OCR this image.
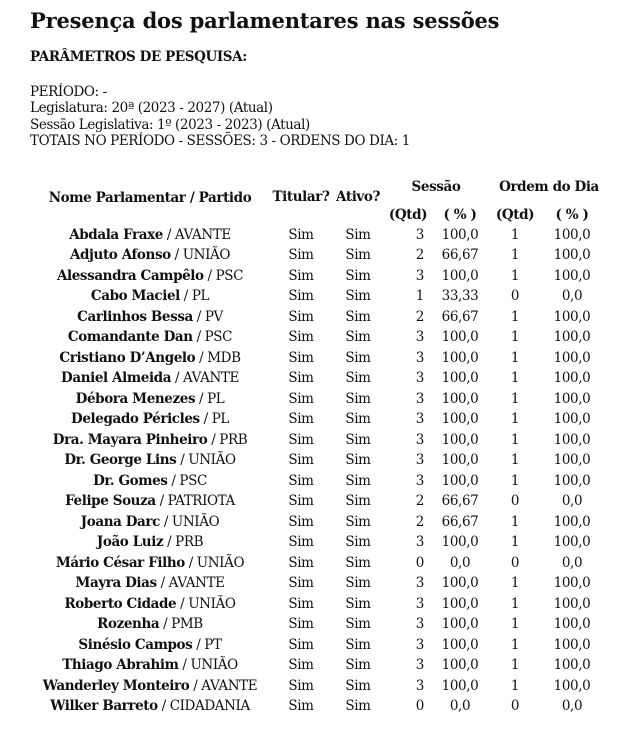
Presença dos parlamentares nas sessões
PARÂMETROS DE PESQUISA:
PERÍODO: -
Legislatura: 20ª (2023 - 2027) (Atual)
Sessão Legislativa: 1º (2023 - 2023) (Atual)
TOTAIS NO PERÍODO - SESSÕES: 3 - ORDENS DO DIA: 1
Nome Parlamentar / Partido	Titular?	Ativo?	Sessão		Ordem do Dia	
			(Qtd)	( % )	(Qtd)	( % )
Abdala Fraxe / AVANTE	Sim	Sim	3	100,0	1	100,0
Adjuto Afonso / UNIÃO	Sim	Sim	2	66,67	1	100,0
Alessandra Campêlo / PSC	Sim	Sim	3	100,0	1	100,0
Cabo Maciel / PL	Sim	Sim	1	33,33	0	0,0
Carlinhos Bessa / PV	Sim	Sim	2	66,67	1	100,0
Comandante Dan / PSC	Sim	Sim	3	100,0	1	100,0
Cristiano D’Angelo / MDB	Sim	Sim	3	100,0	1	100,0
Daniel Almeida / AVANTE	Sim	Sim	3	100,0	1	100,0
Débora Menezes / PL	Sim	Sim	3	100,0	1	100,0
Delegado Péricles / PL	Sim	Sim	3	100,0	1	100,0
Dra. Mayara Pinheiro / PRB	Sim	Sim	3	100,0	1	100,0
Dr. George Lins / UNIÃO	Sim	Sim	3	100,0	1	100,0
Dr. Gomes / PSC	Sim	Sim	3	100,0	1	100,0
Felipe Souza / PATRIOTA	Sim	Sim	2	66,67	0	0,0
Joana Darc / UNIÃO	Sim	Sim	2	66,67	1	100,0
João Luiz / PRB	Sim	Sim	3	100,0	1	100,0
Mário César Filho / UNIÃO	Sim	Sim	0	0,0	0	0,0
Mayra Dias / AVANTE	Sim	Sim	3	100,0	1	100,0
Roberto Cidade / UNIÃO	Sim	Sim	3	100,0	1	100,0
Rozenha / PMB	Sim	Sim	3	100,0	1	100,0
Sinésio Campos / PT	Sim	Sim	3	100,0	1	100,0
Thiago Abrahim / UNIÃO	Sim	Sim	3	100,0	1	100,0
Wanderley Monteiro / AVANTE	Sim	Sim	3	100,0	1	100,0
Wilker Barreto / CIDADANIA	Sim	Sim	0	0,0	0	0,0
